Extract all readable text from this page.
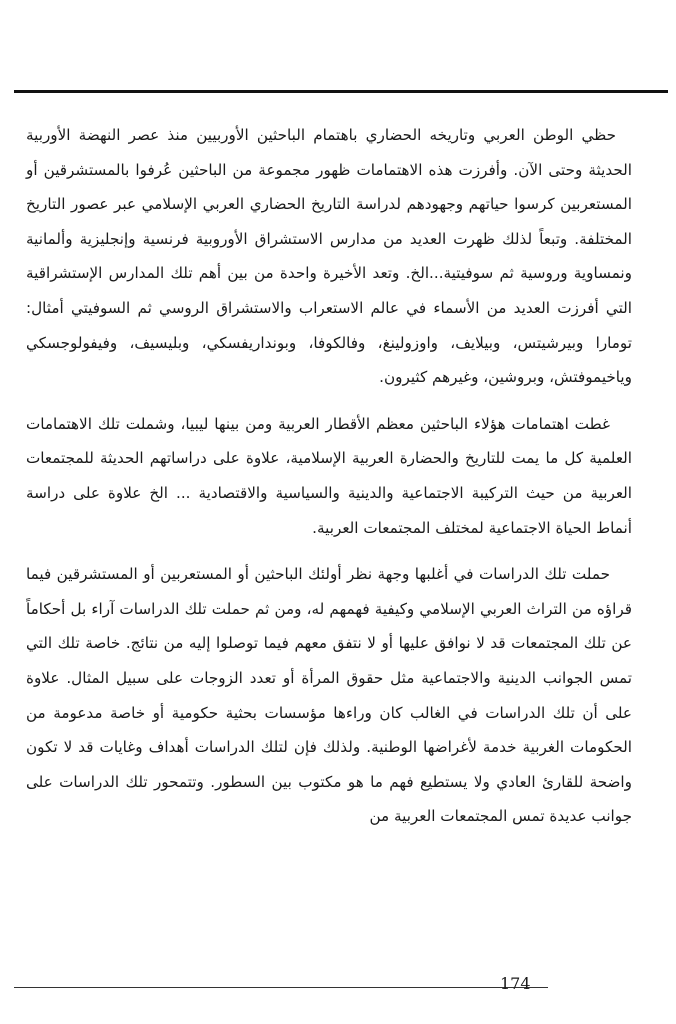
حظي الوطن العربي وتاريخه الحضاري باهتمام الباحثين الأوربيين منذ عصر النهضة الأوربية الحديثة وحتى الآن. وأفرزت هذه الاهتمامات ظهور مجموعة من الباحثين عُرفوا بالمستشرقين أو المستعربين كرسوا حياتهم وجهودهم لدراسة التاريخ الحضاري العربي الإسلامي عبر عصور التاريخ المختلفة. وتبعاً لذلك ظهرت العديد من مدارس الاستشراق الأوروبية فرنسية وإنجليزية وألمانية ونمساوية وروسية ثم سوفيتية...الخ. وتعد الأخيرة واحدة من بين أهم تلك المدارس الإستشراقية التي أفرزت العديد من الأسماء في عالم الاستعراب والاستشراق الروسي ثم السوفيتي أمثال: تومارا وبيرشيتس، وبيلايف، واوزولينغ، وفالكوفا، وبونداريفسكي، وبليسيف، وفيفولوجسكي وياخيموفتش، وبروشين، وغيرهم كثيرون.

غطت اهتمامات هؤلاء الباحثين معظم الأقطار العربية ومن بينها ليبيا، وشملت تلك الاهتمامات العلمية كل ما يمت للتاريخ والحضارة العربية الإسلامية، علاوة على دراساتهم الحديثة للمجتمعات العربية من حيث التركيبة الاجتماعية والدينية والسياسية والاقتصادية ... الخ علاوة على دراسة أنماط الحياة الاجتماعية لمختلف المجتمعات العربية.

حملت تلك الدراسات في أغلبها وجهة نظر أولئك الباحثين أو المستعربين أو المستشرقين فيما قراؤه من التراث العربي الإسلامي وكيفية فهمهم له، ومن ثم حملت تلك الدراسات آراء بل أحكاماً عن تلك المجتمعات قد لا نوافق عليها أو لا نتفق معهم فيما توصلوا إليه من نتائج. خاصة تلك التي تمس الجوانب الدينية والاجتماعية مثل حقوق المرأة أو تعدد الزوجات على سبيل المثال. علاوة على أن تلك الدراسات في الغالب كان وراءها مؤسسات بحثية حكومية أو خاصة مدعومة من الحكومات الغربية خدمة لأغراضها الوطنية. ولذلك فإن لتلك الدراسات أهداف وغايات قد لا تكون واضحة للقارئ العادي ولا يستطيع فهم ما هو مكتوب بين السطور. وتتمحور تلك الدراسات على جوانب عديدة تمس المجتمعات العربية من

174
